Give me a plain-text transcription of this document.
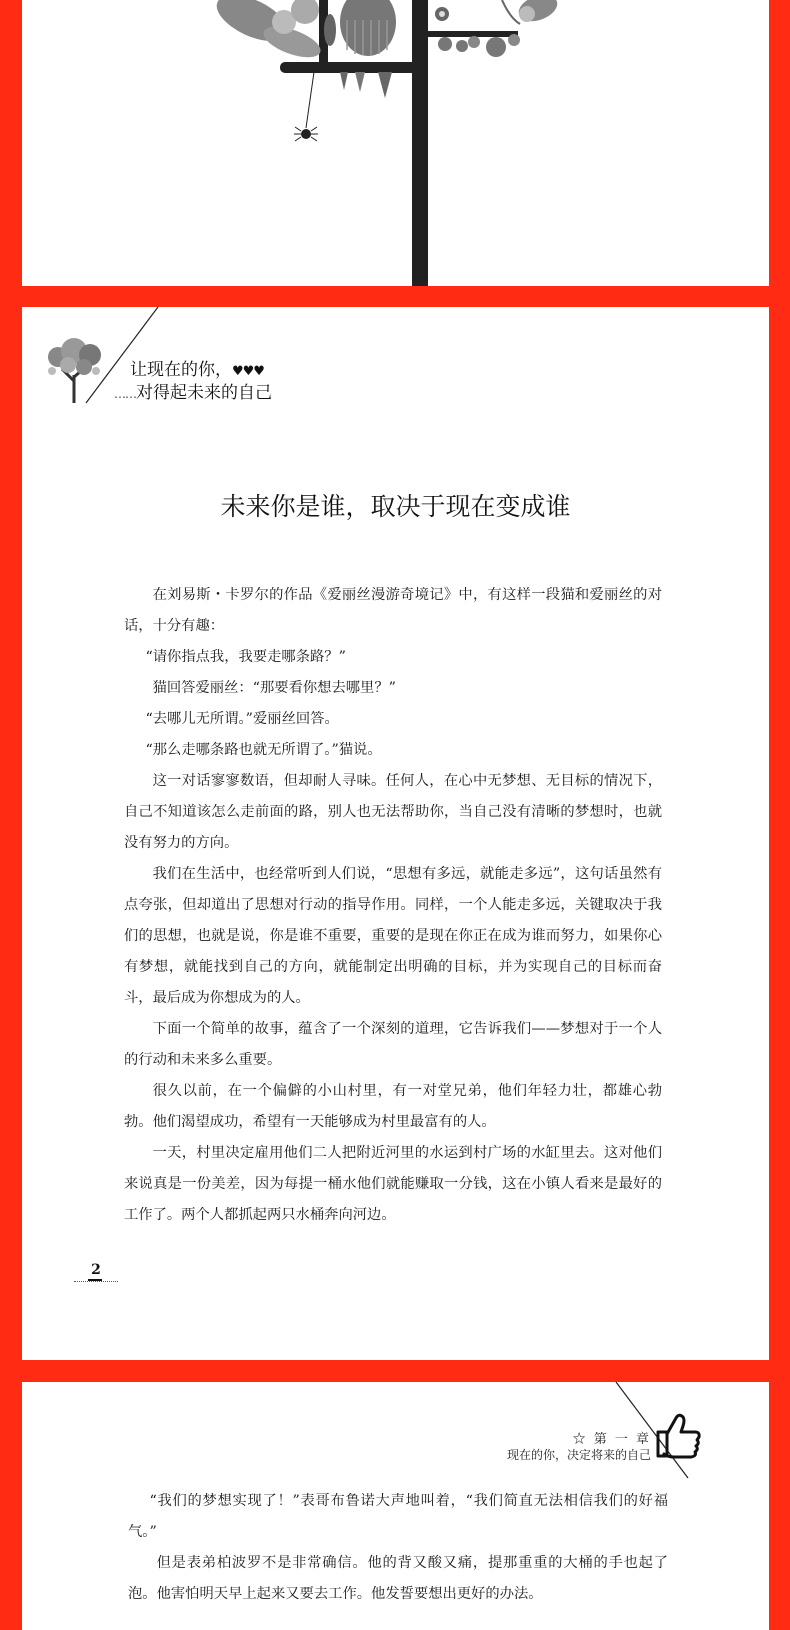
让现在的你，♥♥♥
……对得起未来的自己
未来你是谁，取决于现在变成谁

在刘易斯・卡罗尔的作品《爱丽丝漫游奇境记》中，有这样一段猫和爱丽丝的对话，十分有趣：

“请你指点我，我要走哪条路？”

猫回答爱丽丝：“那要看你想去哪里？”

“去哪儿无所谓。”爱丽丝回答。

“那么走哪条路也就无所谓了。”猫说。

这一对话寥寥数语，但却耐人寻味。任何人，在心中无梦想、无目标的情况下，自己不知道该怎么走前面的路，别人也无法帮助你，当自己没有清晰的梦想时，也就没有努力的方向。

我们在生活中，也经常听到人们说，“思想有多远，就能走多远”，这句话虽然有点夸张，但却道出了思想对行动的指导作用。同样，一个人能走多远，关键取决于我们的思想，也就是说，你是谁不重要，重要的是现在你正在成为谁而努力，如果你心有梦想，就能找到自己的方向，就能制定出明确的目标，并为实现自己的目标而奋斗，最后成为你想成为的人。

下面一个简单的故事，蕴含了一个深刻的道理，它告诉我们——梦想对于一个人的行动和未来多么重要。

很久以前，在一个偏僻的小山村里，有一对堂兄弟，他们年轻力壮，都雄心勃勃。他们渴望成功，希望有一天能够成为村里最富有的人。

一天，村里决定雇用他们二人把附近河里的水运到村广场的水缸里去。这对他们来说真是一份美差，因为每提一桶水他们就能赚取一分钱，这在小镇人看来是最好的工作了。两个人都抓起两只水桶奔向河边。

2
☆ 第 一 章
现在的你，决定将来的自己

“我们的梦想实现了！”表哥布鲁诺大声地叫着，“我们简直无法相信我们的好福气。”

但是表弟柏波罗不是非常确信。他的背又酸又痛，提那重重的大桶的手也起了泡。他害怕明天早上起来又要去工作。他发誓要想出更好的办法。
